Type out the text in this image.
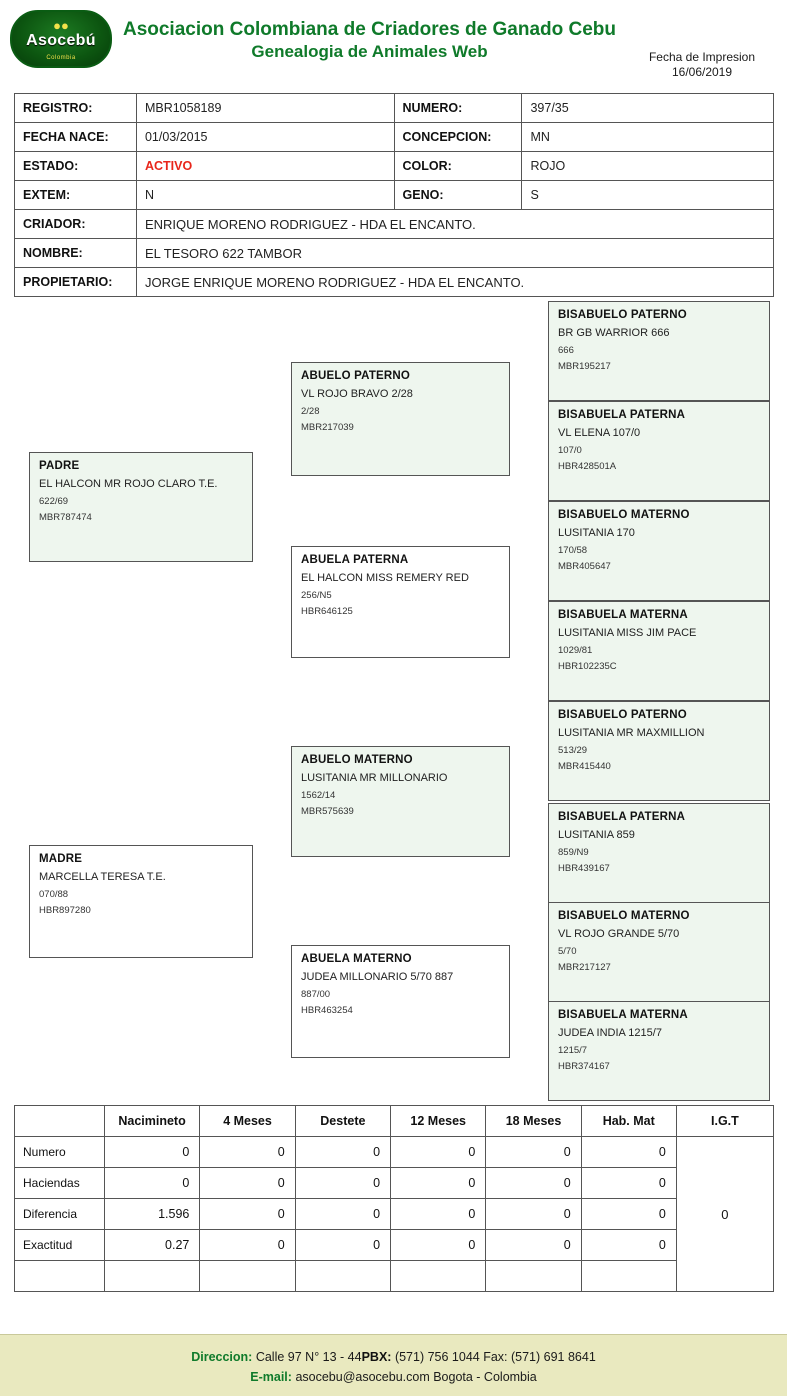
●●
Asocebú
Colombia
Asociacion Colombiana de Criadores de Ganado Cebu
Genealogia de Animales Web	Fecha de Impresion
16/06/2019
REGISTRO:	MBR1058189	NUMERO:	397/35
FECHA NACE:	01/03/2015	CONCEPCION:	MN
ESTADO:	ACTIVO	COLOR:	ROJO
EXTEM:	N	GENO:	S
CRIADOR:	ENRIQUE MORENO RODRIGUEZ - HDA EL ENCANTO.		
NOMBRE:	EL TESORO 622 TAMBOR		
PROPIETARIO:	JORGE ENRIQUE MORENO RODRIGUEZ - HDA EL ENCANTO.		
PADRE
EL HALCON MR ROJO CLARO T.E.
622/69
MBR787474
MADRE
MARCELLA TERESA T.E.
070/88
HBR897280
ABUELO PATERNO
VL ROJO BRAVO 2/28
2/28
MBR217039
ABUELA PATERNA
EL HALCON MISS REMERY RED
256/N5
HBR646125
ABUELO MATERNO
LUSITANIA MR MILLONARIO
1562/14
MBR575639
ABUELA MATERNO
JUDEA MILLONARIO 5/70 887
887/00
HBR463254
BISABUELO PATERNO
BR GB WARRIOR 666
666
MBR195217
BISABUELA PATERNA
VL ELENA 107/0
107/0
HBR428501A
BISABUELO MATERNO
LUSITANIA 170
170/58
MBR405647
BISABUELA MATERNA
LUSITANIA MISS JIM PACE
1029/81
HBR102235C
BISABUELO PATERNO
LUSITANIA MR MAXMILLION
513/29
MBR415440
BISABUELA PATERNA
LUSITANIA 859
859/N9
HBR439167
BISABUELO MATERNO
VL ROJO GRANDE 5/70
5/70
MBR217127
BISABUELA MATERNA
JUDEA INDIA 1215/7
1215/7
HBR374167
	Nacimineto	4 Meses	Destete	12 Meses	18 Meses	Hab. Mat	I.G.T
Numero	0	0	0	0	0	0	0
Haciendas	0	0	0	0	0	0	
Diferencia	1.596	0	0	0	0	0	
Exactitud	0.27	0	0	0	0	0	

Direccion: Calle 97 N° 13 - 44PBX: (571) 756 1044 Fax: (571) 691 8641
E-mail: asocebu@asocebu.com Bogota - Colombia
